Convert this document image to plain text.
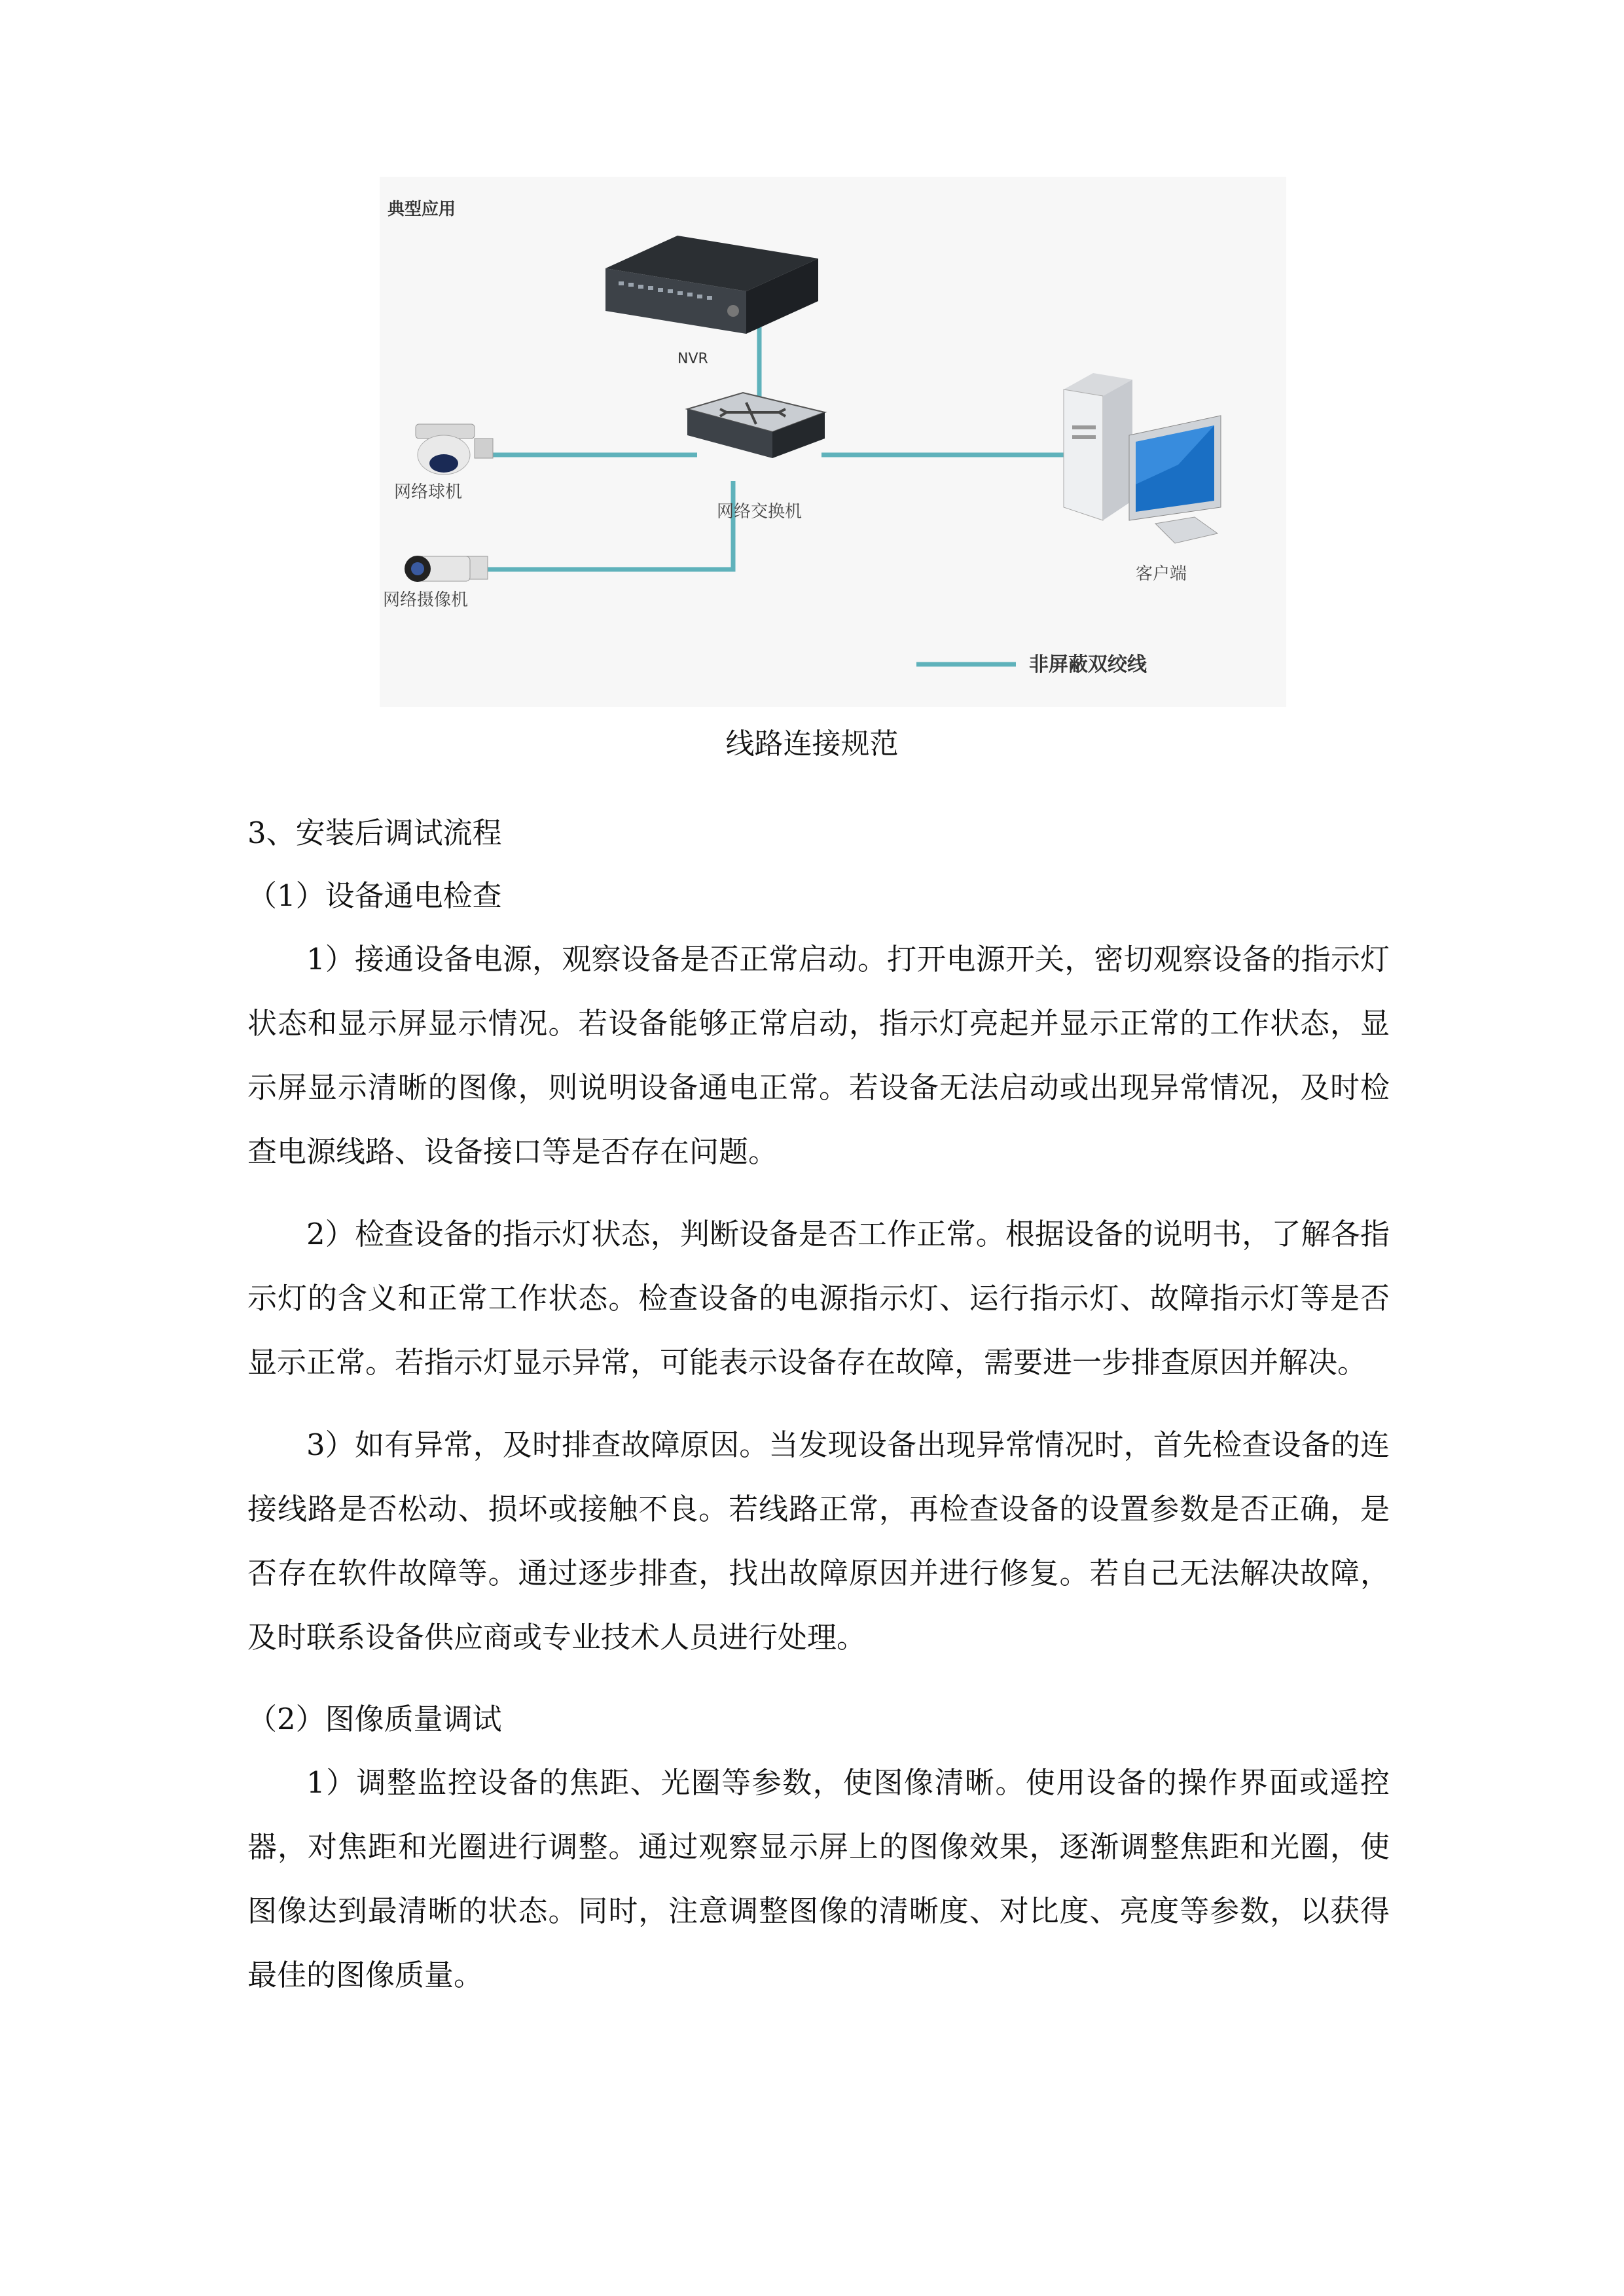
典型应用
NVR
网络交换机
网络球机
网络摄像机
客户端
非屏蔽双绞线
线路连接规范

3、安装后调试流程

（1）设备通电检查

1）接通设备电源，观察设备是否正常启动。打开电源开关，密切观察设备的指示灯状态和显示屏显示情况。若设备能够正常启动，指示灯亮起并显示正常的工作状态，显示屏显示清晰的图像，则说明设备通电正常。若设备无法启动或出现异常情况，及时检查电源线路、设备接口等是否存在问题。

2）检查设备的指示灯状态，判断设备是否工作正常。根据设备的说明书，了解各指示灯的含义和正常工作状态。检查设备的电源指示灯、运行指示灯、故障指示灯等是否显示正常。若指示灯显示异常，可能表示设备存在故障，需要进一步排查原因并解决。

3）如有异常，及时排查故障原因。当发现设备出现异常情况时，首先检查设备的连接线路是否松动、损坏或接触不良。若线路正常，再检查设备的设置参数是否正确，是否存在软件故障等。通过逐步排查，找出故障原因并进行修复。若自己无法解决故障，及时联系设备供应商或专业技术人员进行处理。

（2）图像质量调试

1）调整监控设备的焦距、光圈等参数，使图像清晰。使用设备的操作界面或遥控器，对焦距和光圈进行调整。通过观察显示屏上的图像效果，逐渐调整焦距和光圈，使图像达到最清晰的状态。同时，注意调整图像的清晰度、对比度、亮度等参数，以获得最佳的图像质量。
